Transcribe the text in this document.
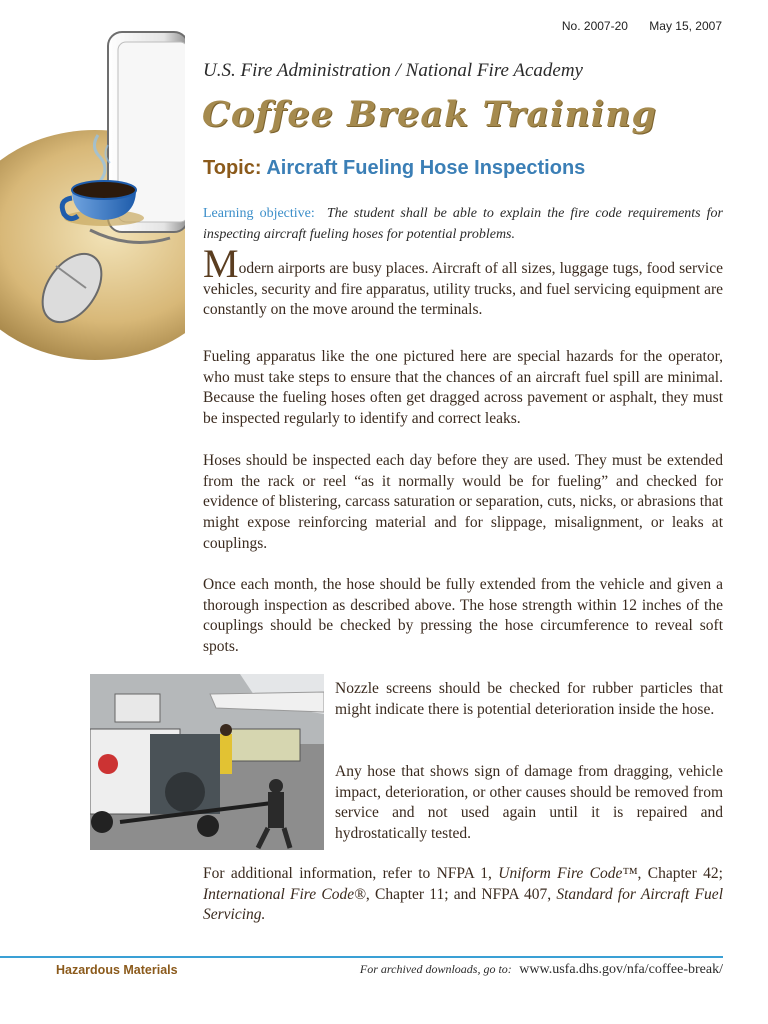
No. 2007-20 May 15, 2007
U.S. Fire Administration / National Fire Academy
Coffee Break Training
Topic: Aircraft Fueling Hose Inspections
Learning objective: The student shall be able to explain the fire code requirements for inspecting aircraft fueling hoses for potential problems.
Modern airports are busy places. Aircraft of all sizes, luggage tugs, food service vehicles, security and fire apparatus, utility trucks, and fuel servicing equipment are constantly on the move around the terminals.
Fueling apparatus like the one pictured here are special hazards for the operator, who must take steps to ensure that the chances of an aircraft fuel spill are minimal. Because the fueling hoses often get dragged across pavement or asphalt, they must be inspected regularly to identify and correct leaks.
Hoses should be inspected each day before they are used. They must be extended from the rack or reel “as it normally would be for fueling” and checked for evidence of blistering, carcass saturation or separation, cuts, nicks, or abrasions that might expose reinforcing material and for slippage, misalignment, or leaks at couplings.
Once each month, the hose should be fully extended from the vehicle and given a thorough inspection as described above. The hose strength within 12 inches of the couplings should be checked by pressing the hose circumference to reveal soft spots.
Nozzle screens should be checked for rubber particles that might indicate there is potential deterioration inside the hose.
Any hose that shows sign of damage from dragging, vehicle impact, deterioration, or other causes should be removed from service and not used again until it is repaired and hydrostatically tested.
For additional information, refer to NFPA 1, Uniform Fire Code™, Chapter 42; International Fire Code®, Chapter 11; and NFPA 407, Standard for Aircraft Fuel Servicing.
Hazardous Materials	For archived downloads, go to: www.usfa.dhs.gov/nfa/coffee-break/
